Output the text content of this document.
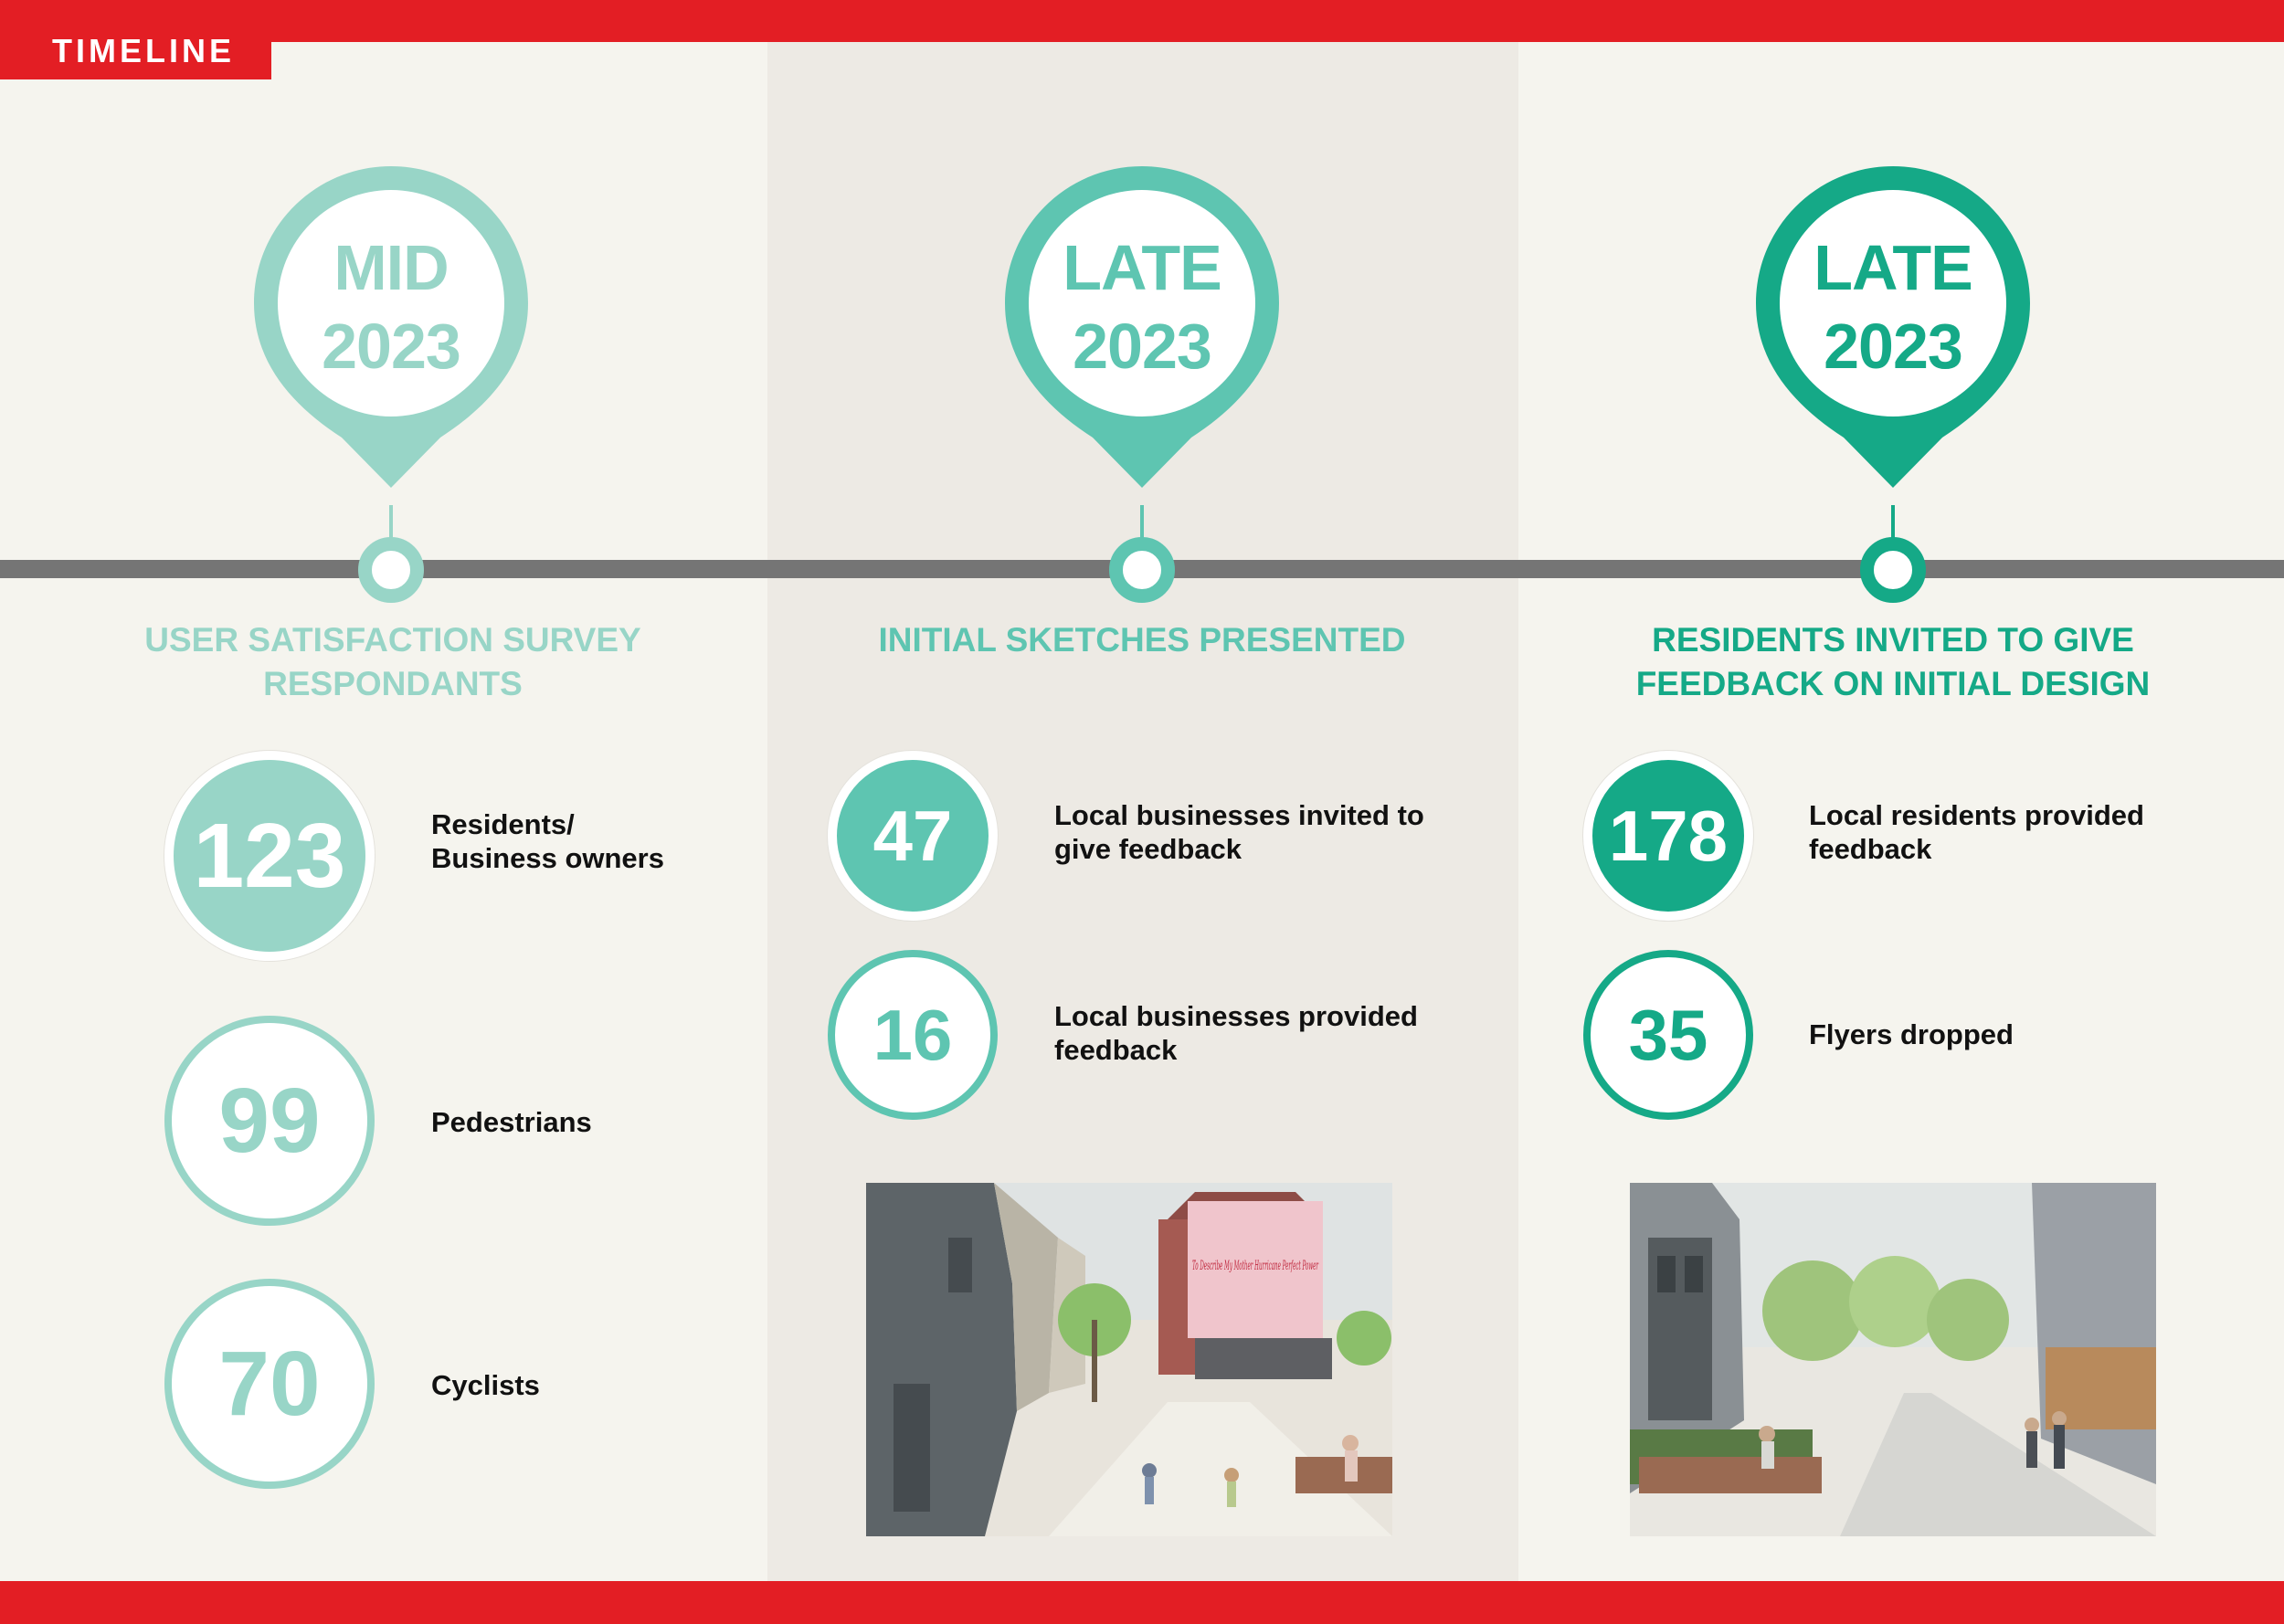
TIMELINE
MID
2023
USER SATISFACTION SURVEY RESPONDANTS
123	Residents/ Business owners
99	Pedestrians
70	Cyclists
LATE
2023
INITIAL SKETCHES PRESENTED
47	Local businesses invited to give feedback
16	Local businesses provided feedback
To Describe My Mother Hurricane Perfect Power
LATE
2023
RESIDENTS INVITED TO GIVE FEEDBACK ON INITIAL DESIGN
178	Local residents provided feedback
35	Flyers dropped
